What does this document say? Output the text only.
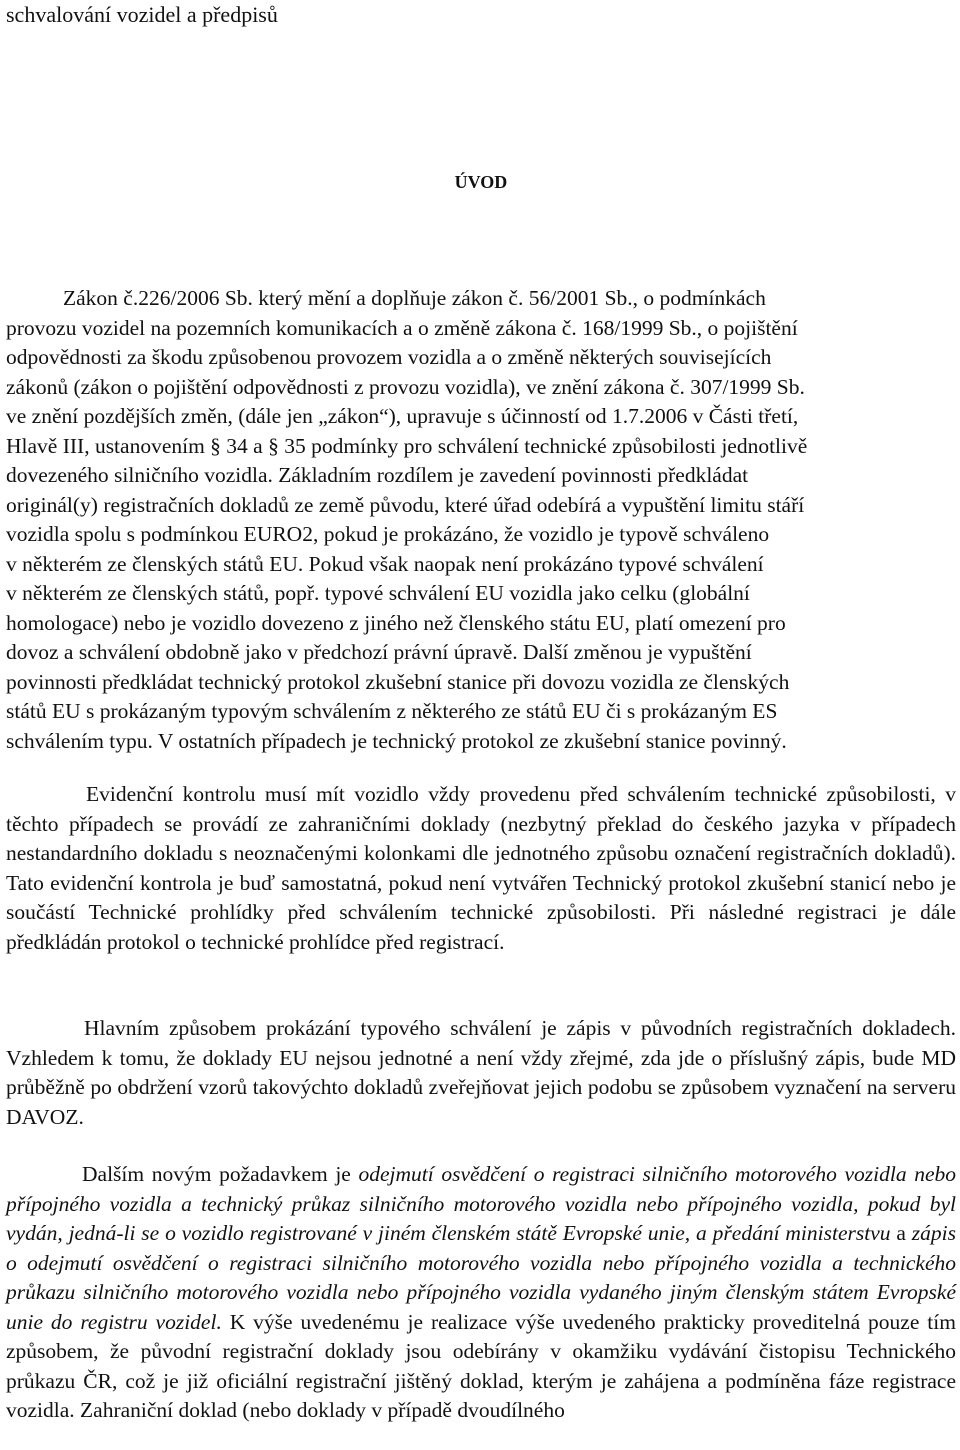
schvalování vozidel a předpisů
ÚVOD
Zákon č.226/2006 Sb. který mění a doplňuje zákon č. 56/2001 Sb., o podmínkách
provozu vozidel na pozemních komunikacích a o změně zákona č. 168/1999 Sb., o pojištění
odpovědnosti za škodu způsobenou provozem vozidla a o změně některých souvisejících
zákonů (zákon o pojištění odpovědnosti z provozu vozidla), ve znění zákona č. 307/1999 Sb.
ve znění pozdějších změn, (dále jen „zákon“), upravuje s účinností od 1.7.2006 v Části třetí,
Hlavě III, ustanovením § 34 a § 35 podmínky pro schválení technické způsobilosti jednotlivě
dovezeného silničního vozidla. Základním rozdílem je zavedení povinnosti předkládat
originál(y) registračních dokladů ze země původu, které úřad odebírá a vypuštění limitu stáří
vozidla spolu s podmínkou EURO2, pokud je prokázáno, že vozidlo je typově schváleno
v některém ze členských států EU. Pokud však naopak není prokázáno typové schválení
v některém ze členských států, popř. typové schválení EU vozidla jako celku (globální
homologace) nebo je vozidlo dovezeno z jiného než členského státu EU, platí omezení pro
dovoz a schválení obdobně jako v předchozí právní úpravě. Další změnou je vypuštění
povinnosti předkládat technický protokol zkušební stanice při dovozu vozidla ze členských
států EU s prokázaným typovým schválením z některého ze států EU či s prokázaným ES
schválením typu. V ostatních případech je technický protokol ze zkušební stanice povinný.
Evidenční kontrolu musí mít vozidlo vždy provedenu před schválením technické způsobilosti, v těchto případech se provádí ze zahraničními doklady (nezbytný překlad do českého jazyka v případech nestandardního dokladu s neoznačenými kolonkami dle jednotného způsobu označení registračních dokladů). Tato evidenční kontrola je buď samostatná, pokud není vytvářen Technický protokol zkušební stanicí nebo je součástí Technické prohlídky před schválením technické způsobilosti. Při následné registraci je dále předkládán protokol o technické prohlídce před registrací.
Hlavním způsobem prokázání typového schválení je zápis v původních registračních dokladech. Vzhledem k tomu, že doklady EU nejsou jednotné a není vždy zřejmé, zda jde o příslušný zápis, bude MD průběžně po obdržení vzorů takovýchto dokladů zveřejňovat jejich podobu se způsobem vyznačení na serveru DAVOZ.
Dalším novým požadavkem je odejmutí osvědčení o registraci silničního motorového vozidla nebo přípojného vozidla a technický průkaz silničního motorového vozidla nebo přípojného vozidla, pokud byl vydán, jedná-li se o vozidlo registrované v jiném členském státě Evropské unie, a předání ministerstvu a zápis o odejmutí osvědčení o registraci silničního motorového vozidla nebo přípojného vozidla a technického průkazu silničního motorového vozidla nebo přípojného vozidla vydaného jiným členským státem Evropské unie do registru vozidel. K výše uvedenému je realizace výše uvedeného prakticky proveditelná pouze tím způsobem, že původní registrační doklady jsou odebírány v okamžiku vydávání čistopisu Technického průkazu ČR, což je již oficiální registrační jištěný doklad, kterým je zahájena a podmíněna fáze registrace vozidla. Zahraniční doklad (nebo doklady v případě dvoudílného
